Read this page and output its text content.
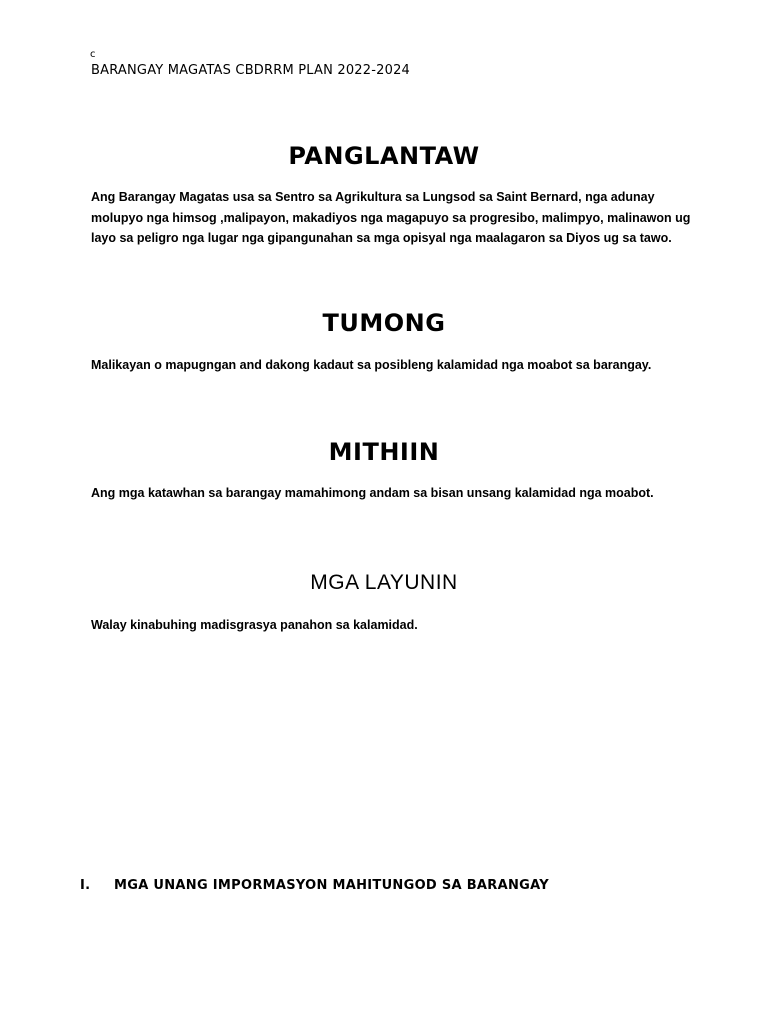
c
BARANGAY MAGATAS CBDRRM PLAN 2022-2024
PANGLANTAW
Ang Barangay Magatas usa sa Sentro sa Agrikultura sa Lungsod sa Saint Bernard, nga adunay molupyo nga himsog ,malipayon, makadiyos nga magapuyo sa progresibo, malimpyo, malinawon ug layo sa peligro nga lugar nga gipangunahan sa mga opisyal nga maalagaron sa Diyos ug sa tawo.
TUMONG
Malikayan o mapugngan and dakong kadaut sa posibleng kalamidad nga moabot sa barangay.
MITHIIN
Ang mga katawhan sa barangay mamahimong andam sa bisan unsang kalamidad nga moabot.
MGA LAYUNIN
Walay kinabuhing madisgrasya panahon sa kalamidad.
I. MGA UNANG IMPORMASYON MAHITUNGOD SA BARANGAY
